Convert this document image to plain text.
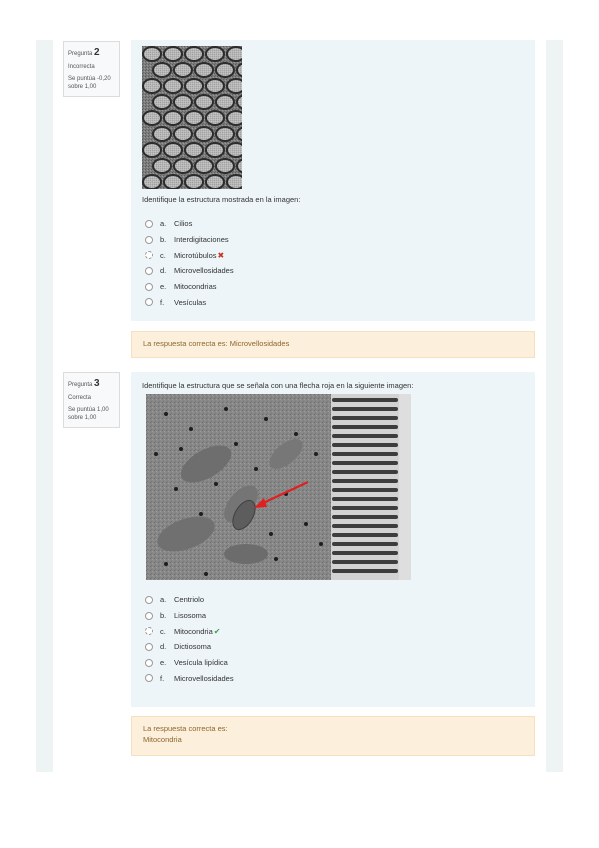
Pregunta 2
Incorrecta
Se puntúa -0,20 sobre 1,00
Identifique la estructura mostrada en la imagen:
a.	Cilios
b.	Interdigitaciones
c.	Microtúbulos ✖
d.	Microvellosidades
e.	Mitocondrias
f.	Vesículas
La respuesta correcta es: Microvellosidades
Pregunta 3
Correcta
Se puntúa 1,00 sobre 1,00
Identifique la estructura que se señala con una flecha roja en la siguiente imagen:
a.	Centriolo
b.	Lisosoma
c.	Mitocondria ✔
d.	Dictiosoma
e.	Vesícula lipídica
f.	Microvellosidades
La respuesta correcta es:
Mitocondria
